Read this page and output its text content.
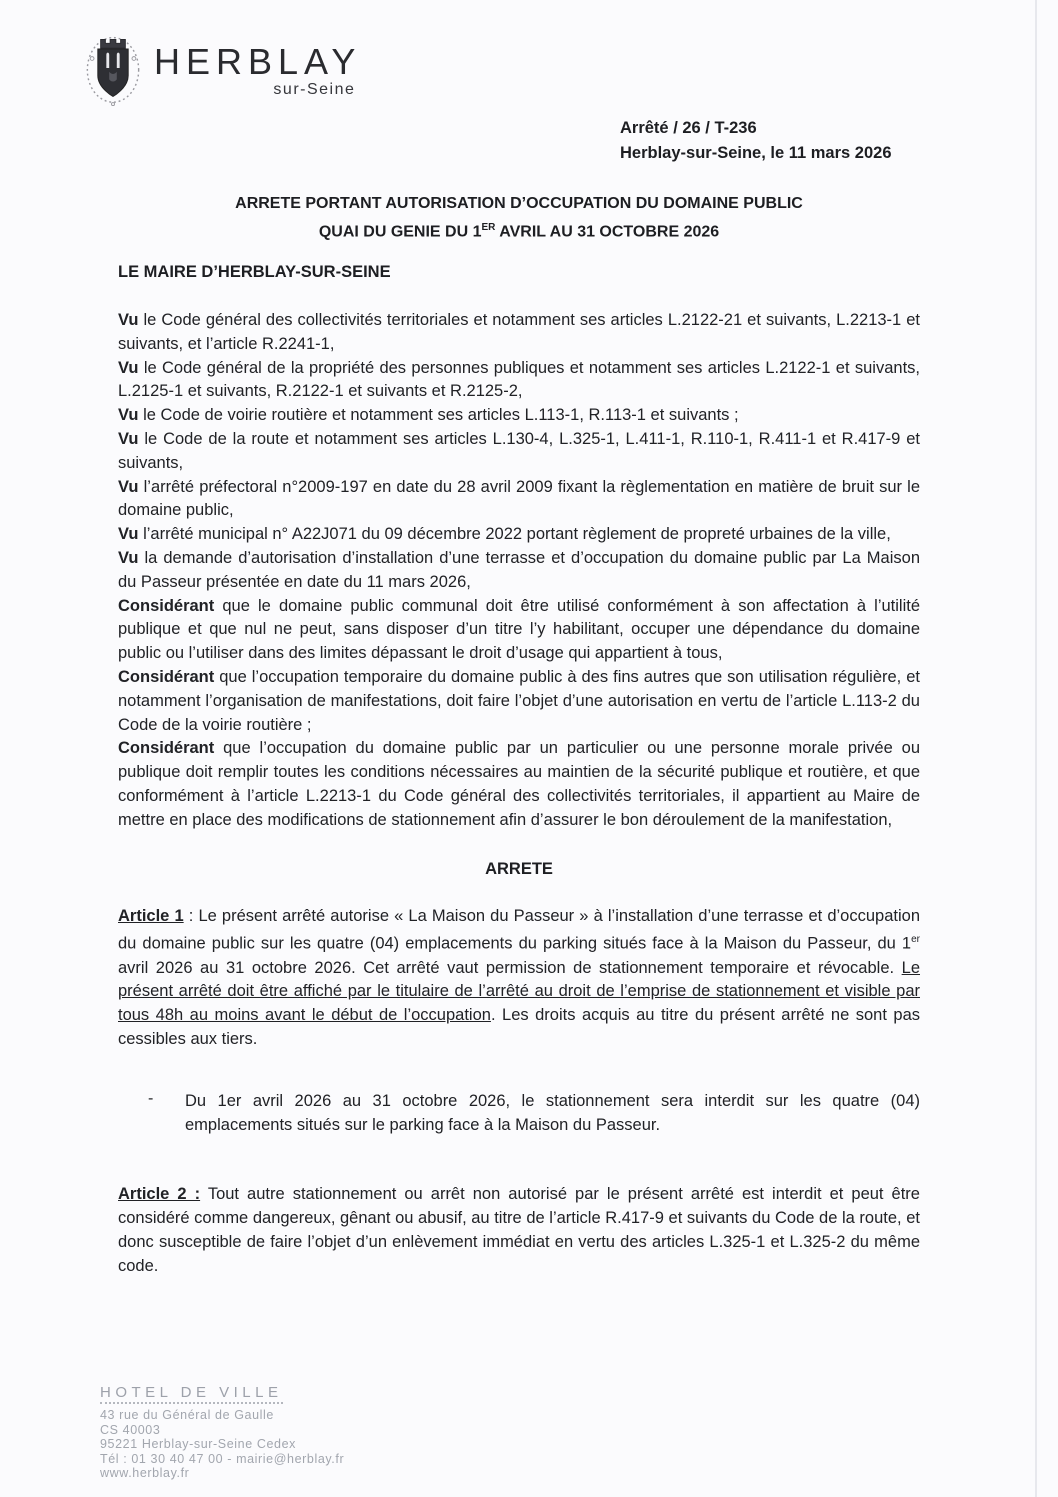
HERBLAY
sur-Seine
Arrêté / 26 / T-236
Herblay-sur-Seine, le 11 mars 2026
ARRETE PORTANT AUTORISATION D’OCCUPATION DU DOMAINE PUBLIC
QUAI DU GENIE DU 1ER AVRIL AU 31 OCTOBRE 2026
LE MAIRE D’HERBLAY-SUR-SEINE

Vu le Code général des collectivités territoriales et notamment ses articles L.2122-21 et suivants, L.2213-1 et suivants, et l’article R.2241-1,

Vu le Code général de la propriété des personnes publiques et notamment ses articles L.2122-1 et suivants, L.2125-1 et suivants, R.2122-1 et suivants et R.2125-2,

Vu le Code de voirie routière et notamment ses articles L.113-1, R.113-1 et suivants ;

Vu le Code de la route et notamment ses articles L.130-4, L.325-1, L.411-1, R.110-1, R.411-1 et R.417-9 et suivants,

Vu l’arrêté préfectoral n°2009-197 en date du 28 avril 2009 fixant la règlementation en matière de bruit sur le domaine public,

Vu l’arrêté municipal n° A22J071 du 09 décembre 2022 portant règlement de propreté urbaines de la ville,

Vu la demande d’autorisation d’installation d’une terrasse et d’occupation du domaine public par La Maison du Passeur présentée en date du 11 mars 2026,

Considérant que le domaine public communal doit être utilisé conformément à son affectation à l’utilité publique et que nul ne peut, sans disposer d’un titre l’y habilitant, occuper une dépendance du domaine public ou l’utiliser dans des limites dépassant le droit d’usage qui appartient à tous,

Considérant que l’occupation temporaire du domaine public à des fins autres que son utilisation régulière, et notamment l’organisation de manifestations, doit faire l’objet d’une autorisation en vertu de l’article L.113-2 du Code de la voirie routière ;

Considérant que l’occupation du domaine public par un particulier ou une personne morale privée ou publique doit remplir toutes les conditions nécessaires au maintien de la sécurité publique et routière, et que conformément à l’article L.2213-1 du Code général des collectivités territoriales, il appartient au Maire de mettre en place des modifications de stationnement afin d’assurer le bon déroulement de la manifestation,

ARRETE

Article 1 : Le présent arrêté autorise « La Maison du Passeur » à l’installation d’une terrasse et d’occupation du domaine public sur les quatre (04) emplacements du parking situés face à la Maison du Passeur, du 1er avril 2026 au 31 octobre 2026. Cet arrêté vaut permission de stationnement temporaire et révocable. Le présent arrêté doit être affiché par le titulaire de l’arrêté au droit de l’emprise de stationnement et visible par tous 48h au moins avant le début de l’occupation. Les droits acquis au titre du présent arrêté ne sont pas cessibles aux tiers.

- Du 1er avril 2026 au 31 octobre 2026, le stationnement sera interdit sur les quatre (04) emplacements situés sur le parking face à la Maison du Passeur.

Article 2 : Tout autre stationnement ou arrêt non autorisé par le présent arrêté est interdit et peut être considéré comme dangereux, gênant ou abusif, au titre de l’article R.417-9 et suivants du Code de la route, et donc susceptible de faire l’objet d’un enlèvement immédiat en vertu des articles L.325-1 et L.325-2 du même code.

HOTEL DE VILLE
43 rue du Général de Gaulle
CS 40003
95221 Herblay-sur-Seine Cedex
Tél : 01 30 40 47 00 - mairie@herblay.fr
www.herblay.fr
